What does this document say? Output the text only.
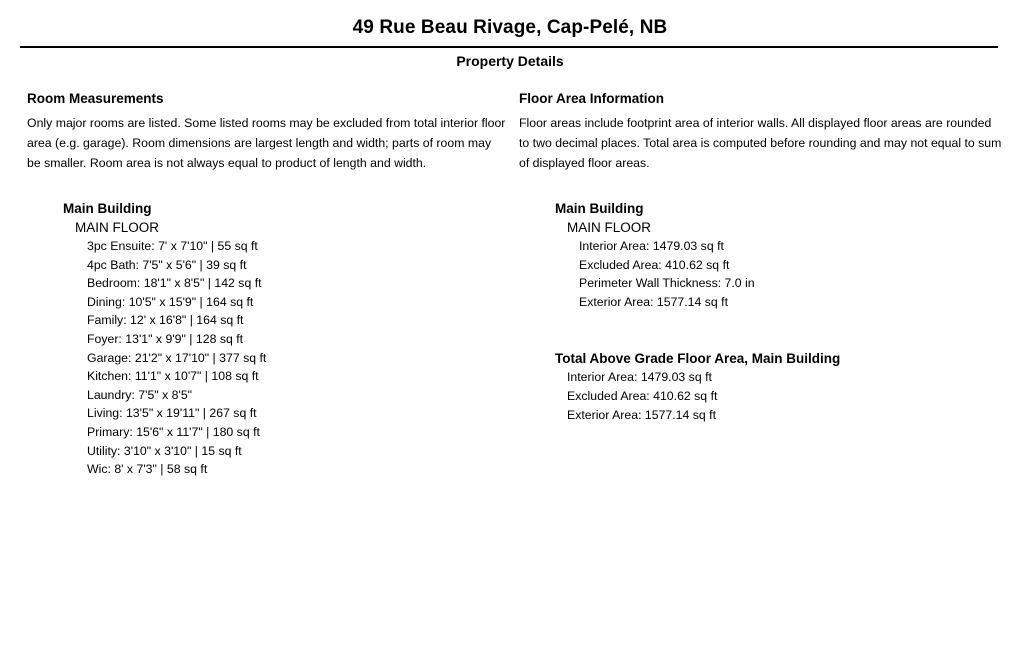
49 Rue Beau Rivage, Cap-Pelé, NB
Property Details

Room Measurements

Only major rooms are listed. Some listed rooms may be excluded from total interior floor area (e.g. garage). Room dimensions are largest length and width; parts of room may be smaller. Room area is not always equal to product of length and width.

Main Building
MAIN FLOOR
3pc Ensuite: 7' x 7'10" | 55 sq ft
4pc Bath: 7'5" x 5'6" | 39 sq ft
Bedroom: 18'1" x 8'5" | 142 sq ft
Dining: 10'5" x 15'9" | 164 sq ft
Family: 12' x 16'8" | 164 sq ft
Foyer: 13'1" x 9'9" | 128 sq ft
Garage: 21'2" x 17'10" | 377 sq ft
Kitchen: 11'1" x 10'7" | 108 sq ft
Laundry: 7'5" x 8'5"
Living: 13'5" x 19'11" | 267 sq ft
Primary: 15'6" x 11'7" | 180 sq ft
Utility: 3'10" x 3'10" | 15 sq ft
Wic: 8' x 7'3" | 58 sq ft

Floor Area Information

Floor areas include footprint area of interior walls. All displayed floor areas are rounded to two decimal places. Total area is computed before rounding and may not equal to sum of displayed floor areas.

Main Building
MAIN FLOOR
Interior Area: 1479.03 sq ft
Excluded Area: 410.62 sq ft
Perimeter Wall Thickness: 7.0 in
Exterior Area: 1577.14 sq ft
Total Above Grade Floor Area, Main Building
Interior Area: 1479.03 sq ft
Excluded Area: 410.62 sq ft
Exterior Area: 1577.14 sq ft
